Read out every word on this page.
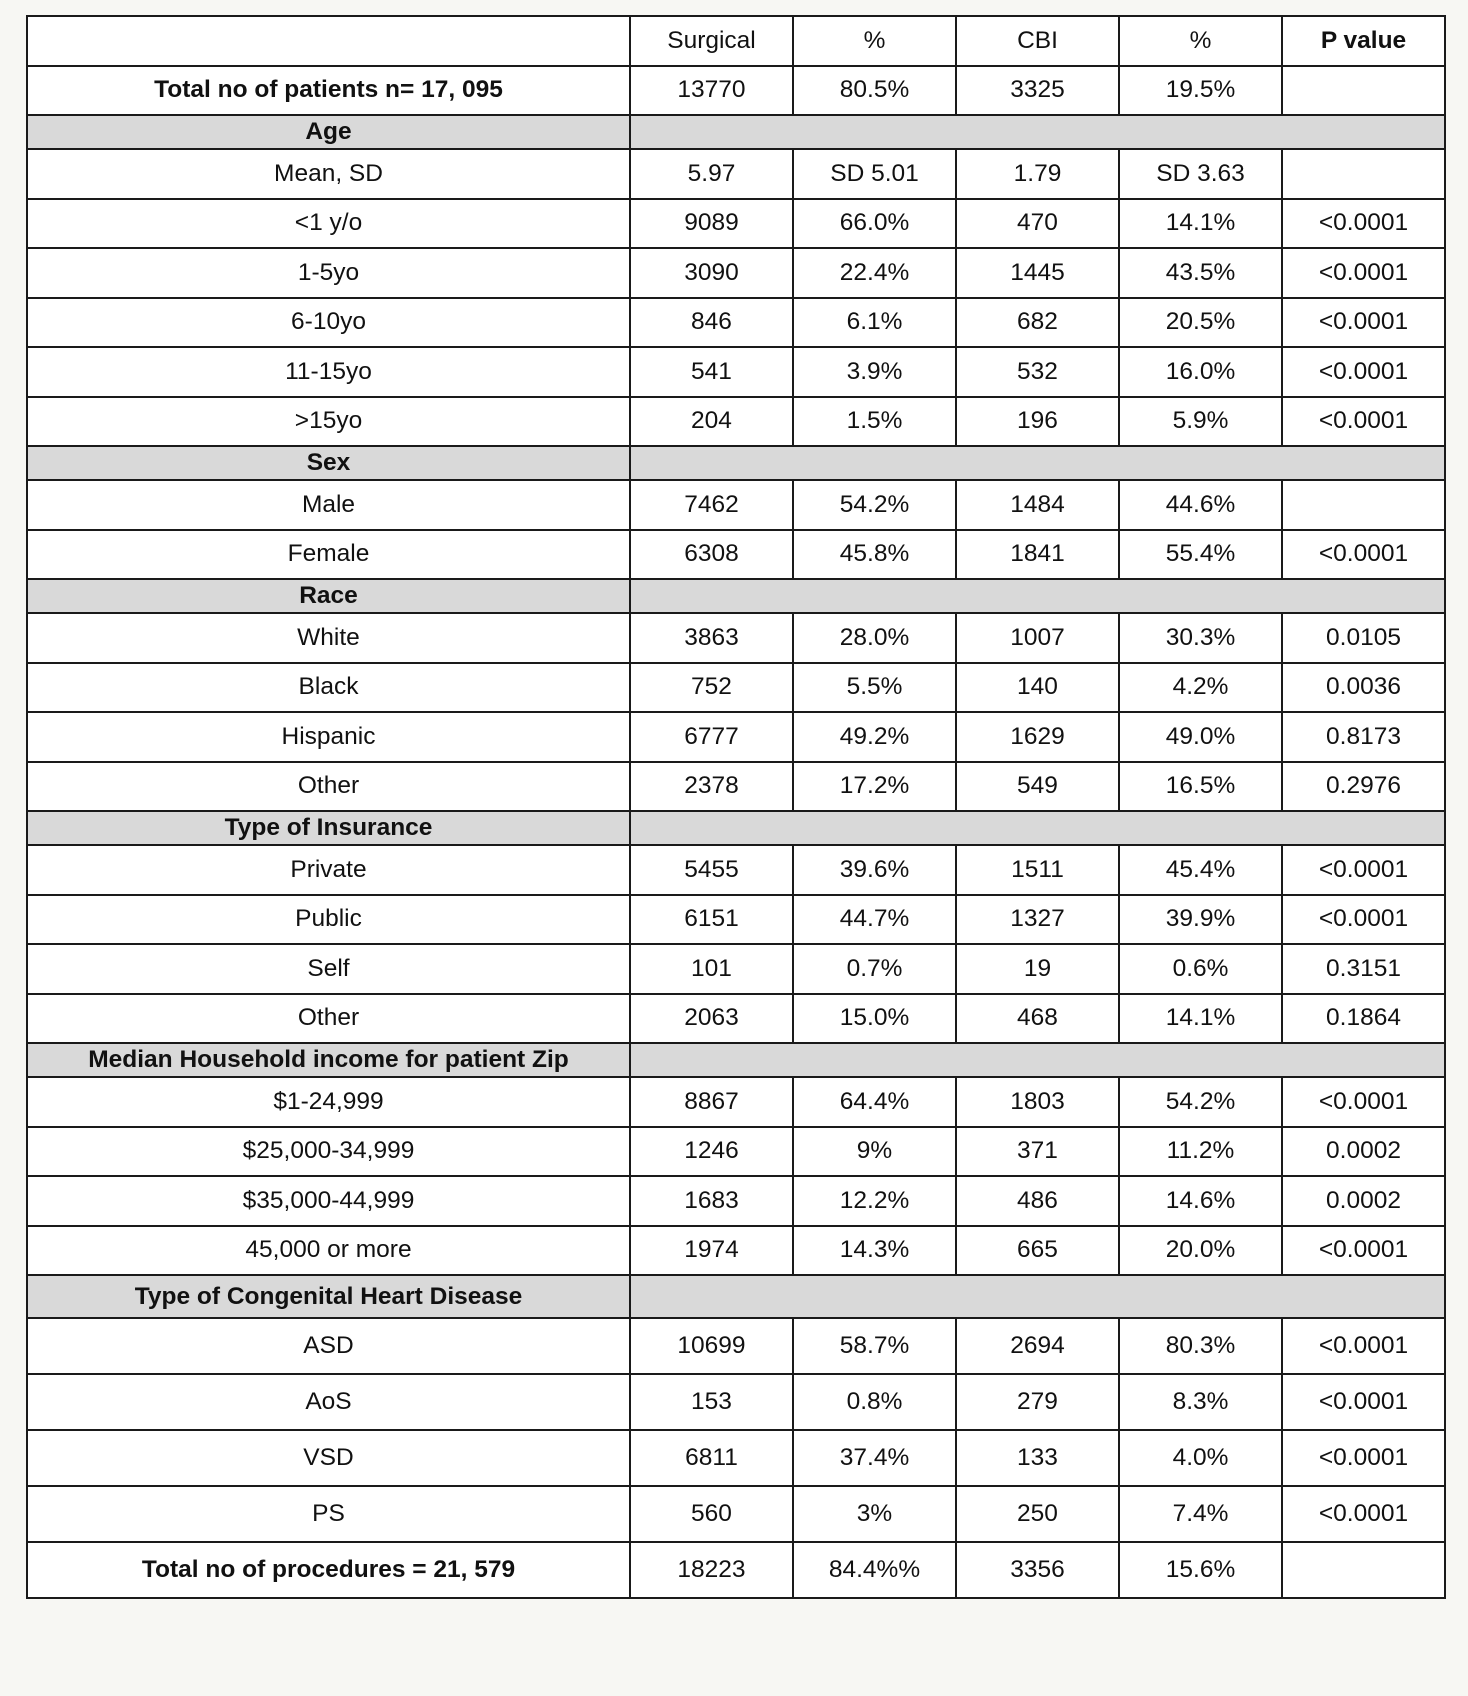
	Surgical	%	CBI	%	P value
Total no of patients n= 17, 095	13770	80.5%	3325	19.5%	
Age					
Mean, SD	5.97	SD 5.01	1.79	SD 3.63	
<1 y/o	9089	66.0%	470	14.1%	<0.0001
1-5yo	3090	22.4%	1445	43.5%	<0.0001
6-10yo	846	6.1%	682	20.5%	<0.0001
11-15yo	541	3.9%	532	16.0%	<0.0001
>15yo	204	1.5%	196	5.9%	<0.0001
Sex					
Male	7462	54.2%	1484	44.6%	
Female	6308	45.8%	1841	55.4%	<0.0001
Race					
White	3863	28.0%	1007	30.3%	0.0105
Black	752	5.5%	140	4.2%	0.0036
Hispanic	6777	49.2%	1629	49.0%	0.8173
Other	2378	17.2%	549	16.5%	0.2976
Type of Insurance					
Private	5455	39.6%	1511	45.4%	<0.0001
Public	6151	44.7%	1327	39.9%	<0.0001
Self	101	0.7%	19	0.6%	0.3151
Other	2063	15.0%	468	14.1%	0.1864
Median Household income for patient Zip					
$1-24,999	8867	64.4%	1803	54.2%	<0.0001
$25,000-34,999	1246	9%	371	11.2%	0.0002
$35,000-44,999	1683	12.2%	486	14.6%	0.0002
45,000 or more	1974	14.3%	665	20.0%	<0.0001
Type of Congenital Heart Disease					
ASD	10699	58.7%	2694	80.3%	<0.0001
AoS	153	0.8%	279	8.3%	<0.0001
VSD	6811	37.4%	133	4.0%	<0.0001
PS	560	3%	250	7.4%	<0.0001
Total no of procedures = 21, 579	18223	84.4%%	3356	15.6%	
